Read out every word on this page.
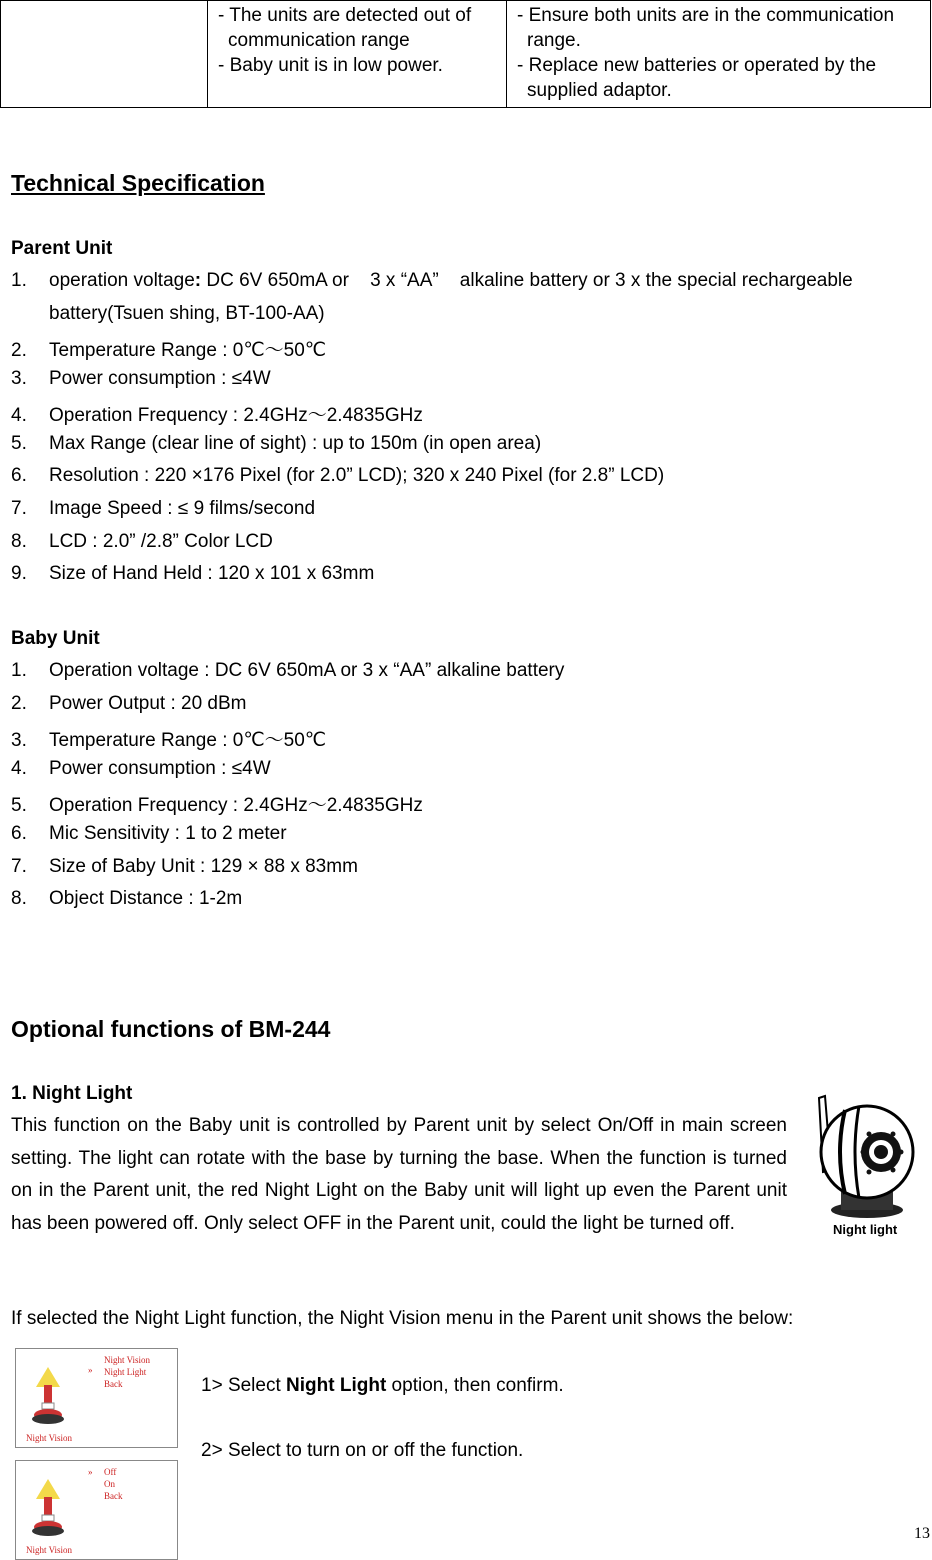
- The units are detected out of communication range
- Baby unit is in low power.

- Ensure both units are in the communication range.
- Replace new batteries or operated by the supplied adaptor.
Technical Specification
Parent Unit
1. operation voltage: DC 6V 650mA or    3 x “AA”    alkaline battery or 3 x the special rechargeable
battery(Tsuen shing, BT-100-AA)
2. Temperature Range : 0℃～50℃
3. Power consumption : ≤4W
4. Operation Frequency : 2.4GHz～2.4835GHz
5. Max Range (clear line of sight) : up to 150m (in open area)
6. Resolution : 220 ×176 Pixel (for 2.0” LCD); 320 x 240 Pixel (for 2.8” LCD)
7. Image Speed : ≤ 9 films/second
8. LCD : 2.0” /2.8” Color LCD
9. Size of Hand Held : 120 x 101 x 63mm
Baby Unit
1. Operation voltage : DC 6V 650mA or 3 x “AA” alkaline battery
2. Power Output : 20 dBm
3. Temperature Range : 0℃～50℃
4. Power consumption : ≤4W
5. Operation Frequency : 2.4GHz～2.4835GHz
6. Mic Sensitivity : 1 to 2 meter
7. Size of Baby Unit : 129 × 88 x 83mm
8. Object Distance : 1-2m
Optional functions of BM-244
1. Night Light
This function on the Baby unit is controlled by Parent unit by select On/Off in main screen setting. The light can rotate with the base by turning the base. When the function is turned on in the Parent unit, the red Night Light on the Baby unit will light up even the Parent unit has been powered off. Only select OFF in the Parent unit, could the light be turned off.	Night light
If selected the Night Light function, the Night Vision menu in the Parent unit shows the below:
»
Night Vision
Night Light
Back
Night Vision
» Off
On
Back
Night Vision
1> Select Night Light option, then confirm.
2> Select to turn on or off the function.
13
